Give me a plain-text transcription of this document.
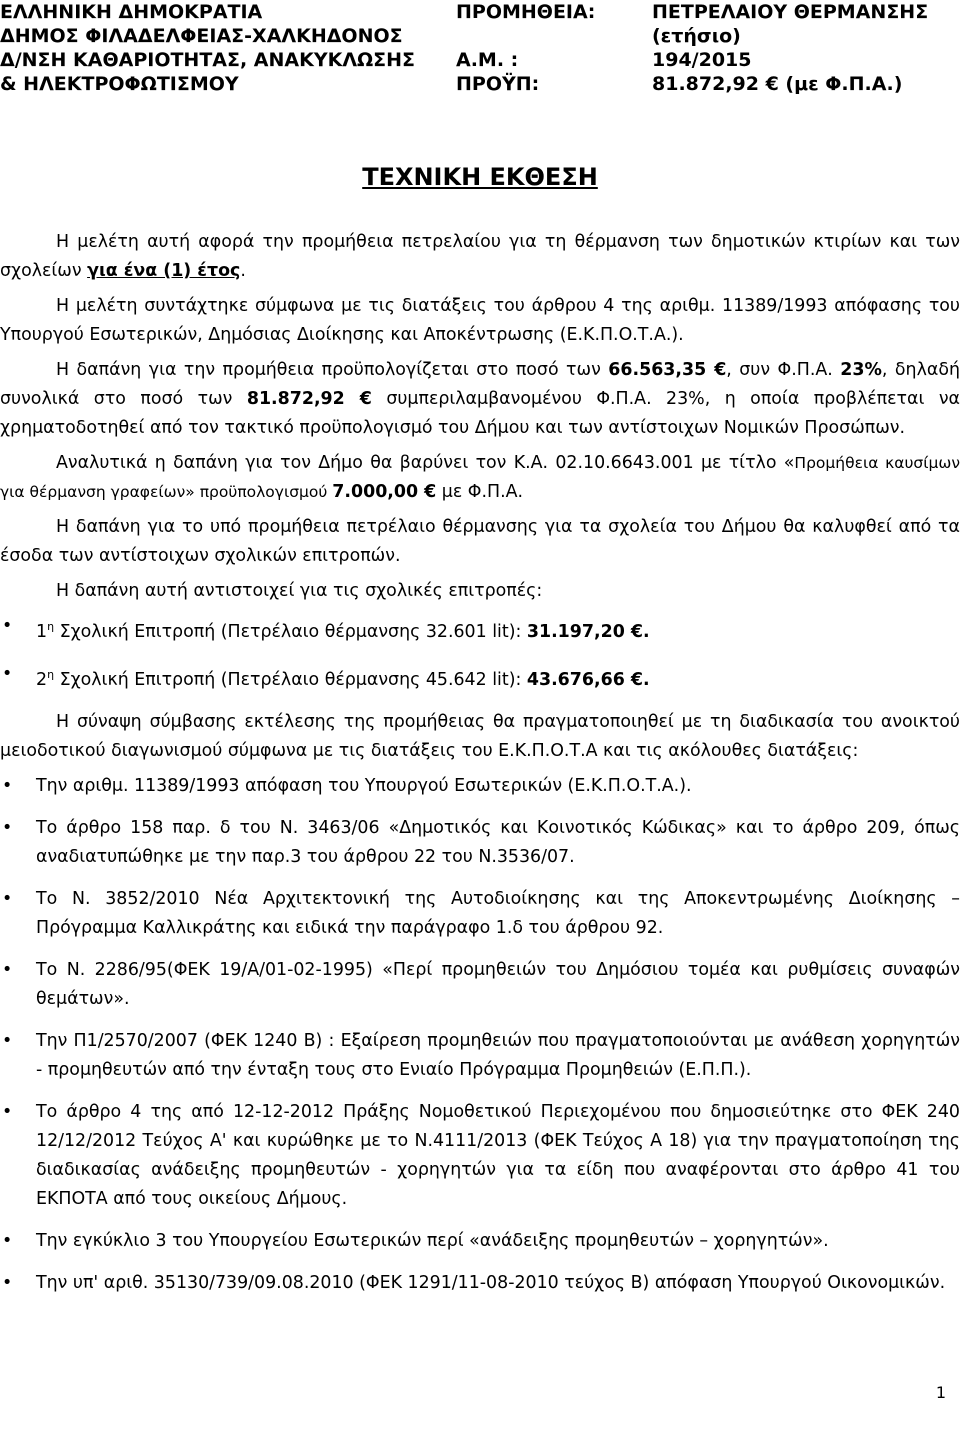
ΕΛΛΗΝΙΚΗ ΔΗΜΟΚΡΑΤΙΑ
ΔΗΜΟΣ ΦΙΛΑΔΕΛΦΕΙΑΣ-ΧΑΛΚΗΔΟΝΟΣ
Δ/ΝΣΗ ΚΑΘΑΡΙΟΤΗΤΑΣ, ΑΝΑΚΥΚΛΩΣΗΣ
& ΗΛΕΚΤΡΟΦΩΤΙΣΜΟΥ
ΠΡΟΜΗΘΕΙΑ:

Α.Μ. :
ΠΡΟΫΠ:
ΠΕΤΡΕΛΑΙΟΥ ΘΕΡΜΑΝΣΗΣ
(ετήσιο)
194/2015
81.872,92 € (με Φ.Π.Α.)
ΤΕΧΝΙΚΗ ΕΚΘΕΣΗ

Η μελέτη αυτή αφορά την προμήθεια πετρελαίου για τη θέρμανση των δημοτικών κτιρίων και των σχολείων για ένα (1) έτος.

Η μελέτη συντάχτηκε σύμφωνα με τις διατάξεις του άρθρου 4 της αριθμ. 11389/1993 απόφασης του Υπουργού Εσωτερικών, Δημόσιας Διοίκησης και Αποκέντρωσης (Ε.Κ.Π.Ο.Τ.Α.).

Η δαπάνη για την προμήθεια προϋπολογίζεται στο ποσό των 66.563,35 €, συν Φ.Π.Α. 23%, δηλαδή συνολικά στο ποσό των 81.872,92 € συμπεριλαμβανομένου Φ.Π.Α. 23%, η οποία προβλέπεται να χρηματοδοτηθεί από τον τακτικό προϋπολογισμό του Δήμου και των αντίστοιχων Νομικών Προσώπων.

Αναλυτικά η δαπάνη για τον Δήμο θα βαρύνει τον Κ.Α. 02.10.6643.001 με τίτλο «Προμήθεια καυσίμων για θέρμανση γραφείων» προϋπολογισμού 7.000,00 € με Φ.Π.Α.

Η δαπάνη για το υπό προμήθεια πετρέλαιο θέρμανσης για τα σχολεία του Δήμου θα καλυφθεί από τα έσοδα των αντίστοιχων σχολικών επιτροπών.

Η δαπάνη αυτή αντιστοιχεί για τις σχολικές επιτροπές:

• $1^\eta$ Σχολική Επιτροπή (Πετρέλαιο θέρμανσης 32.601 lit): 31.197,20 €.
• $2^\eta$ Σχολική Επιτροπή (Πετρέλαιο θέρμανσης 45.642 lit): 43.676,66 €.

Η σύναψη σύμβασης εκτέλεσης της προμήθειας θα πραγματοποιηθεί με τη διαδικασία του ανοικτού μειοδοτικού διαγωνισμού σύμφωνα με τις διατάξεις του Ε.Κ.Π.Ο.Τ.Α και τις ακόλουθες διατάξεις:

• Την αριθμ. 11389/1993 απόφαση του Υπουργού Εσωτερικών (Ε.Κ.Π.Ο.Τ.Α.).
• Το άρθρο 158 παρ. δ του Ν. 3463/06 «Δημοτικός και Κοινοτικός Κώδικας» και το άρθρο 209, όπως αναδιατυπώθηκε με την παρ.3 του άρθρου 22 του Ν.3536/07.
• Το Ν. 3852/2010 Νέα Αρχιτεκτονική της Αυτοδιοίκησης και της Αποκεντρωμένης Διοίκησης – Πρόγραμμα Καλλικράτης και ειδικά την παράγραφο 1.δ του άρθρου 92.
• Το Ν. 2286/95(ΦΕΚ 19/Α/01-02-1995) «Περί προμηθειών του Δημόσιου τομέα και ρυθμίσεις συναφών θεμάτων».
• Την Π1/2570/2007 (ΦΕΚ 1240 Β) : Εξαίρεση προμηθειών που πραγματοποιούνται με ανάθεση χορηγητών - προμηθευτών από την ένταξη τους στο Ενιαίο Πρόγραμμα Προμηθειών (Ε.Π.Π.).
• Το άρθρο 4 της από 12-12-2012 Πράξης Νομοθετικού Περιεχομένου που δημοσιεύτηκε στο ΦΕΚ 240 12/12/2012 Τεύχος Α' και κυρώθηκε με το Ν.4111/2013 (ΦΕΚ Τεύχος Α 18) για την πραγματοποίηση της διαδικασίας ανάδειξης προμηθευτών - χορηγητών για τα είδη που αναφέρονται στο άρθρο 41 του ΕΚΠΟΤΑ από τους οικείους Δήμους.
• Την εγκύκλιο 3 του Υπουργείου Εσωτερικών περί «ανάδειξης προμηθευτών – χορηγητών».
• Την υπ' αριθ. 35130/739/09.08.2010 (ΦΕΚ 1291/11-08-2010 τεύχος Β) απόφαση Υπουργού Οικονομικών.
1
